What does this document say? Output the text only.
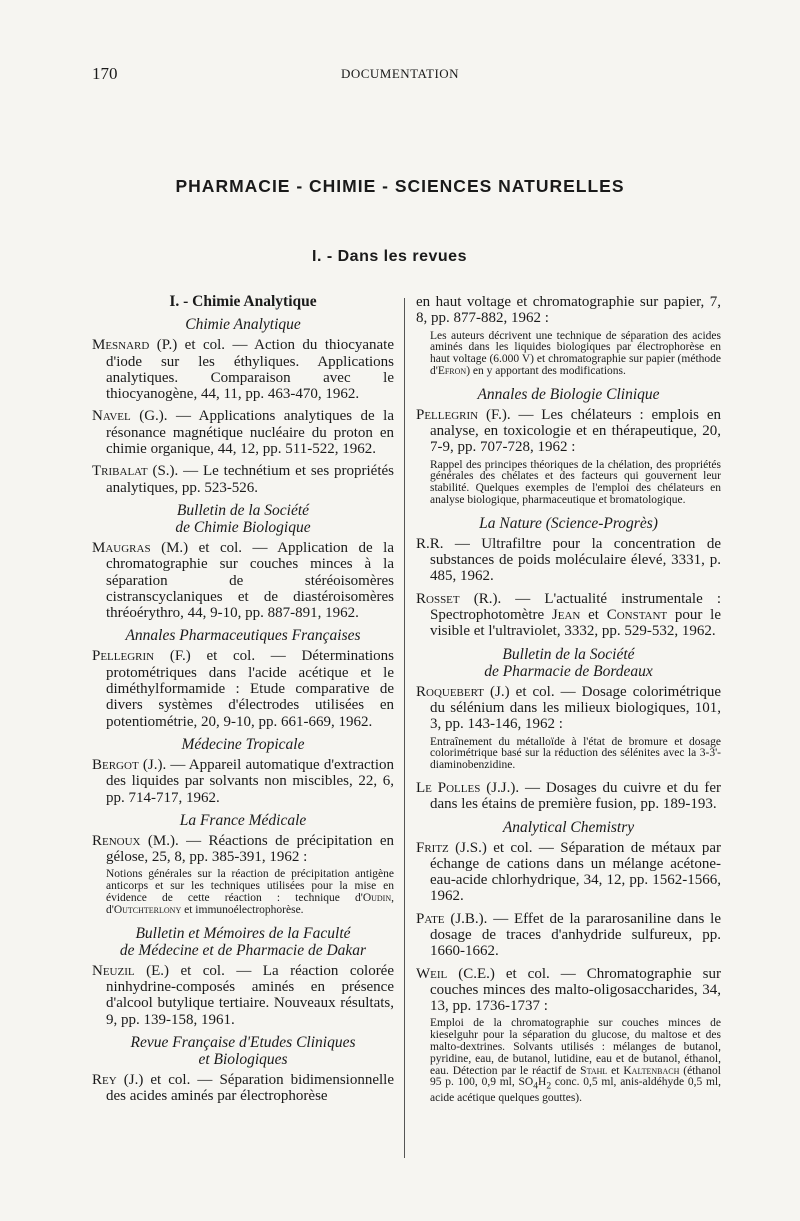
170	DOCUMENTATION
PHARMACIE - CHIMIE - SCIENCES NATURELLES
I. - Dans les revues
I. - Chimie Analytique
Chimie Analytique

Mesnard (P.) et col. — Action du thiocyanate d'iode sur les éthyliques. Applications analytiques. Comparaison avec le thiocyanogène, 44, 11, pp. 463-470, 1962.

Navel (G.). — Applications analytiques de la résonance magnétique nucléaire du proton en chimie organique, 44, 12, pp. 511-522, 1962.

Tribalat (S.). — Le technétium et ses propriétés analytiques, pp. 523-526.

Bulletin de la Société
de Chimie Biologique

Maugras (M.) et col. — Application de la chromatographie sur couches minces à la séparation de stéréoisomères cistranscyclaniques et de diastéroisomères thréoérythro, 44, 9-10, pp. 887-891, 1962.

Annales Pharmaceutiques Françaises

Pellegrin (F.) et col. — Déterminations protométriques dans l'acide acétique et le diméthylformamide : Etude comparative de divers systèmes d'électrodes utilisées en potentiométrie, 20, 9-10, pp. 661-669, 1962.

Médecine Tropicale

Bergot (J.). — Appareil automatique d'extraction des liquides par solvants non miscibles, 22, 6, pp. 714-717, 1962.

La France Médicale

Renoux (M.). — Réactions de précipitation en gélose, 25, 8, pp. 385-391, 1962 :

Notions générales sur la réaction de précipitation antigène anticorps et sur les techniques utilisées pour la mise en évidence de cette réaction : technique d'Oudin, d'Outchterlony et immunoélectrophorèse.
Bulletin et Mémoires de la Faculté
de Médecine et de Pharmacie de Dakar

Neuzil (E.) et col. — La réaction colorée ninhydrine-composés aminés en présence d'alcool butylique tertiaire. Nouveaux résultats, 9, pp. 139-158, 1961.

Revue Française d'Etudes Cliniques
et Biologiques

Rey (J.) et col. — Séparation bidimensionnelle des acides aminés par électrophorèse

en haut voltage et chromatographie sur papier, 7, 8, pp. 877-882, 1962 :

Les auteurs décrivent une technique de séparation des acides aminés dans les liquides biologiques par électrophorèse en haut voltage (6.000 V) et chromatographie sur papier (méthode d'Efron) en y apportant des modifications.
Annales de Biologie Clinique

Pellegrin (F.). — Les chélateurs : emplois en analyse, en toxicologie et en thérapeutique, 20, 7-9, pp. 707-728, 1962 :

Rappel des principes théoriques de la chélation, des propriétés générales des chélates et des facteurs qui gouvernent leur stabilité. Quelques exemples de l'emploi des chélateurs en analyse biologique, pharmaceutique et bromatologique.
La Nature (Science-Progrès)

R.R. — Ultrafiltre pour la concentration de substances de poids moléculaire élevé, 3331, p. 485, 1962.

Rosset (R.). — L'actualité instrumentale : Spectrophotomètre Jean et Constant pour le visible et l'ultraviolet, 3332, pp. 529-532, 1962.

Bulletin de la Société
de Pharmacie de Bordeaux

Roquebert (J.) et col. — Dosage colorimétrique du sélénium dans les milieux biologiques, 101, 3, pp. 143-146, 1962 :

Entraînement du métalloïde à l'état de bromure et dosage colorimétrique basé sur la réduction des sélénites avec la 3-3'-diaminobenzidine.

Le Polles (J.J.). — Dosages du cuivre et du fer dans les étains de première fusion, pp. 189-193.

Analytical Chemistry

Fritz (J.S.) et col. — Séparation de métaux par échange de cations dans un mélange acétone-eau-acide chlorhydrique, 34, 12, pp. 1562-1566, 1962.

Pate (J.B.). — Effet de la pararosaniline dans le dosage de traces d'anhydride sulfureux, pp. 1660-1662.

Weil (C.E.) et col. — Chromatographie sur couches minces des malto-oligosaccharides, 34, 13, pp. 1736-1737 :

Emploi de la chromatographie sur couches minces de kieselguhr pour la séparation du glucose, du maltose et des malto-dextrines. Solvants utilisés : mélanges de butanol, pyridine, eau, de butanol, lutidine, eau et de butanol, éthanol, eau. Détection par le réactif de Stahl et Kaltenbach (éthanol 95 p. 100, 0,9 ml, $SO_4H_2$ conc. 0,5 ml, anis-aldéhyde 0,5 ml, acide acétique quelques gouttes).
